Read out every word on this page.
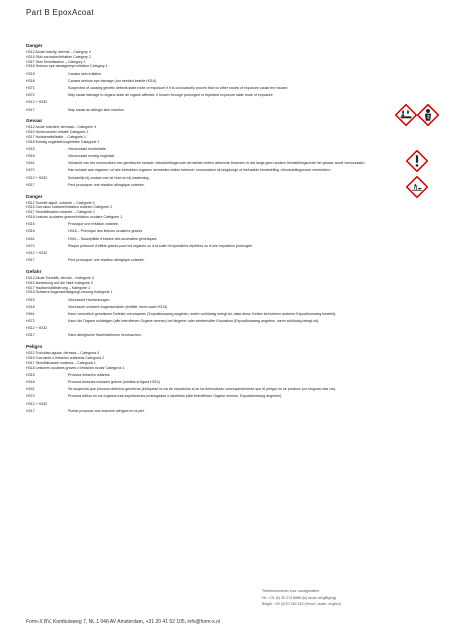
Part B EpoxAcoat
Danger
H312 Acute toxicity, dermal – Category 4
H315 Skin corrosion/irritation Category 2
H317 Skin Sensitisation – Category 1
H318 Serious eye damage/eye irritation Category 1
H315	Causes skin irritation
H318	Causes serious eye damage (not needed beside H314)
H371	Suspected of causing genetic defects state route of exposure if it is conclusively proven that no other routes of exposure cause the hazard
H372	May cause damage to organs state all organs affected, if known through prolonged or repeated exposure state route of exposure
H312 + H332
H317	May cause an allergic skin reaction
Gevaar
H312 Acute toxiciteit, dermaal – Categorie 4
H315 Huidcorrosie/-irritatie Categorie 2
H317 Huidsensibilisatie – Categorie 1
H318 Ernstig oogletsel/oogirritatie Categorie 1
H315	Veroorzaakt huidirritatie.
H318	Veroorzaakt ernstig oogletsel.
H341	Verdacht van het veroorzaken van genetische schade <blootstellingsroute vermelden indien afdoende bewezen is dat langs geen andere blootstellingsroute het gevaar wordt veroorzaakt>.
H372	Kan schade aan organen <of alle betrokken organen vermelden indien bekend> veroorzaken bij langdurige of herhaalde blootstelling <blootstellingsroute vermelden>.
H312 + H332	Schadelijk bij contact met de huid en bij inademing.
H317	Peut provoquer une réaction allergique cutanée.
Danger
H312 Toxicité aiguë, cutanée – Catégorie 4
H315 Corrosion cutanée/irritation cutanée Catégorie 2
H317 Sensibilisation cutanée – Catégorie 1
H318 Lésions oculaires graves/irritation oculaire Catégorie 1
H315	Provoque une irritation cutanée.
H318	H318 – Provoque des lésions oculaires graves
H341	H341 – Susceptible d'induire des anomalies génétiques
H372	Risque présumé d'effets graves pour les organes ou à la suite d'expositions répétées ou d'une exposition prolongée.
H312 + H332
H317	Peut provoquer une réaction allergique cutanée.
Gefahr
H312 Akute Toxizität, dermal – Kategorie 4
H315 Ätzwirkung auf die Haut Kategorie 2
H317 Hautsensibilisierung – Kategorie 1
H318 Schwere Augenschädigung/-reizung Kategorie 1
H315	Verursacht Hautreizungen.
H318	Verursacht schwere Augenschäden (entfällt, wenn auch H314)
H341	Kann vermutlich genetische Defekte verursachen (Expositionsweg angeben, sofern schlüssig belegt ist, dass diese Gefahr bei keinem anderen Expositionsweg besteht).
H372	Kann die Organe schädigen (alle betroffenen Organe nennen) bei längerer oder wiederholter Exposition (Expositionsweg angeben, wenn schlüssig belegt ist).
H312 + H332
H317	Kann allergische Hautreaktionen verursachen.
Peligro
H312 Toxicidad aguda, dérmica – Categoría 4
H315 Corrosión o irritación cutáneas Categoría 2
H317 Sensibilización cutánea – Categoría 1
H318 Lesiones oculares graves o irritación ocular Categoría 1
H315	Provoca irritación cutánea.
H318	Provoca lesiones oculares graves (omitida si figura H314)
H341	Se sospecha que provoca defectos genéticos (indíquese la vía de exposición si se ha demostrado concluyentemente que el peligro no se produce por ninguna otra vía).
H372	Provoca daños en los órganos tras exposiciones prolongadas o repetidas (Alle betroffenen Organe nennen, Expositionsweg angeben).
H312 + H332
H317	Puede provocar una reacción alérgica en la piel.
Telefoonnummer voor noodgevallen:
NL: +31 (0) 30 274 8888 (bij acute vergiftiging)
België: +32 (0)70 245 245 (french, dutch, english)
Form-X BV, Kombuisweg 7, NL 1 046 AV Amsterdam, +31 20 41 52 105, info@form-x.nl
